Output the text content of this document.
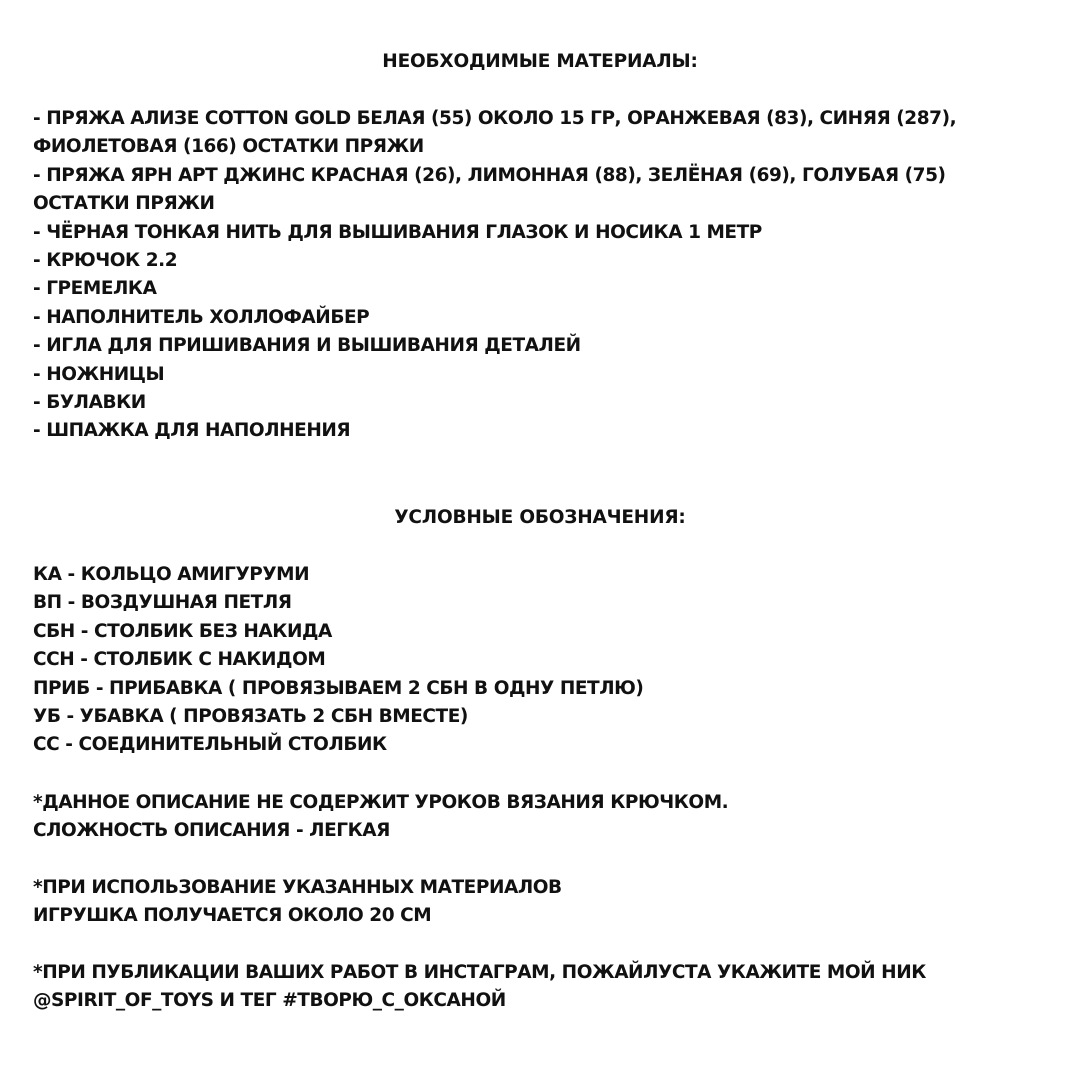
НЕОБХОДИМЫЕ МАТЕРИАЛЫ:
- ПРЯЖА АЛИЗЕ COTTON GOLD БЕЛАЯ (55) ОКОЛО 15 ГР, ОРАНЖЕВАЯ (83), СИНЯЯ (287), ФИОЛЕТОВАЯ (166) ОСТАТКИ ПРЯЖИ
- ПРЯЖА ЯРН АРТ ДЖИНС КРАСНАЯ (26), ЛИМОННАЯ (88), ЗЕЛЁНАЯ (69), ГОЛУБАЯ (75) ОСТАТКИ ПРЯЖИ
- ЧЁРНАЯ ТОНКАЯ НИТЬ ДЛЯ ВЫШИВАНИЯ ГЛАЗОК И НОСИКА 1 МЕТР
- КРЮЧОК 2.2
- ГРЕМЕЛКА
- НАПОЛНИТЕЛЬ ХОЛЛОФАЙБЕР
- ИГЛА ДЛЯ ПРИШИВАНИЯ И ВЫШИВАНИЯ ДЕТАЛЕЙ
- НОЖНИЦЫ
- БУЛАВКИ
- ШПАЖКА ДЛЯ НАПОЛНЕНИЯ
УСЛОВНЫЕ ОБОЗНАЧЕНИЯ:
КА - КОЛЬЦО АМИГУРУМИ
ВП - ВОЗДУШНАЯ ПЕТЛЯ
СБН - СТОЛБИК БЕЗ НАКИДА
ССН - СТОЛБИК С НАКИДОМ
ПРИБ - ПРИБАВКА ( ПРОВЯЗЫВАЕМ 2 СБН В ОДНУ ПЕТЛЮ)
УБ - УБАВКА ( ПРОВЯЗАТЬ 2 СБН ВМЕСТЕ)
СС - СОЕДИНИТЕЛЬНЫЙ СТОЛБИК
*ДАННОЕ ОПИСАНИЕ НЕ СОДЕРЖИТ УРОКОВ ВЯЗАНИЯ КРЮЧКОМ.
СЛОЖНОСТЬ ОПИСАНИЯ - ЛЕГКАЯ
*ПРИ ИСПОЛЬЗОВАНИЕ УКАЗАННЫХ МАТЕРИАЛОВ
ИГРУШКА ПОЛУЧАЕТСЯ ОКОЛО 20 СМ
*ПРИ ПУБЛИКАЦИИ ВАШИХ РАБОТ В ИНСТАГРАМ, ПОЖАЙЛУСТА УКАЖИТЕ МОЙ НИК
@SPIRIT_OF_TOYS И ТЕГ #ТВОРЮ_С_ОКСАНОЙ
